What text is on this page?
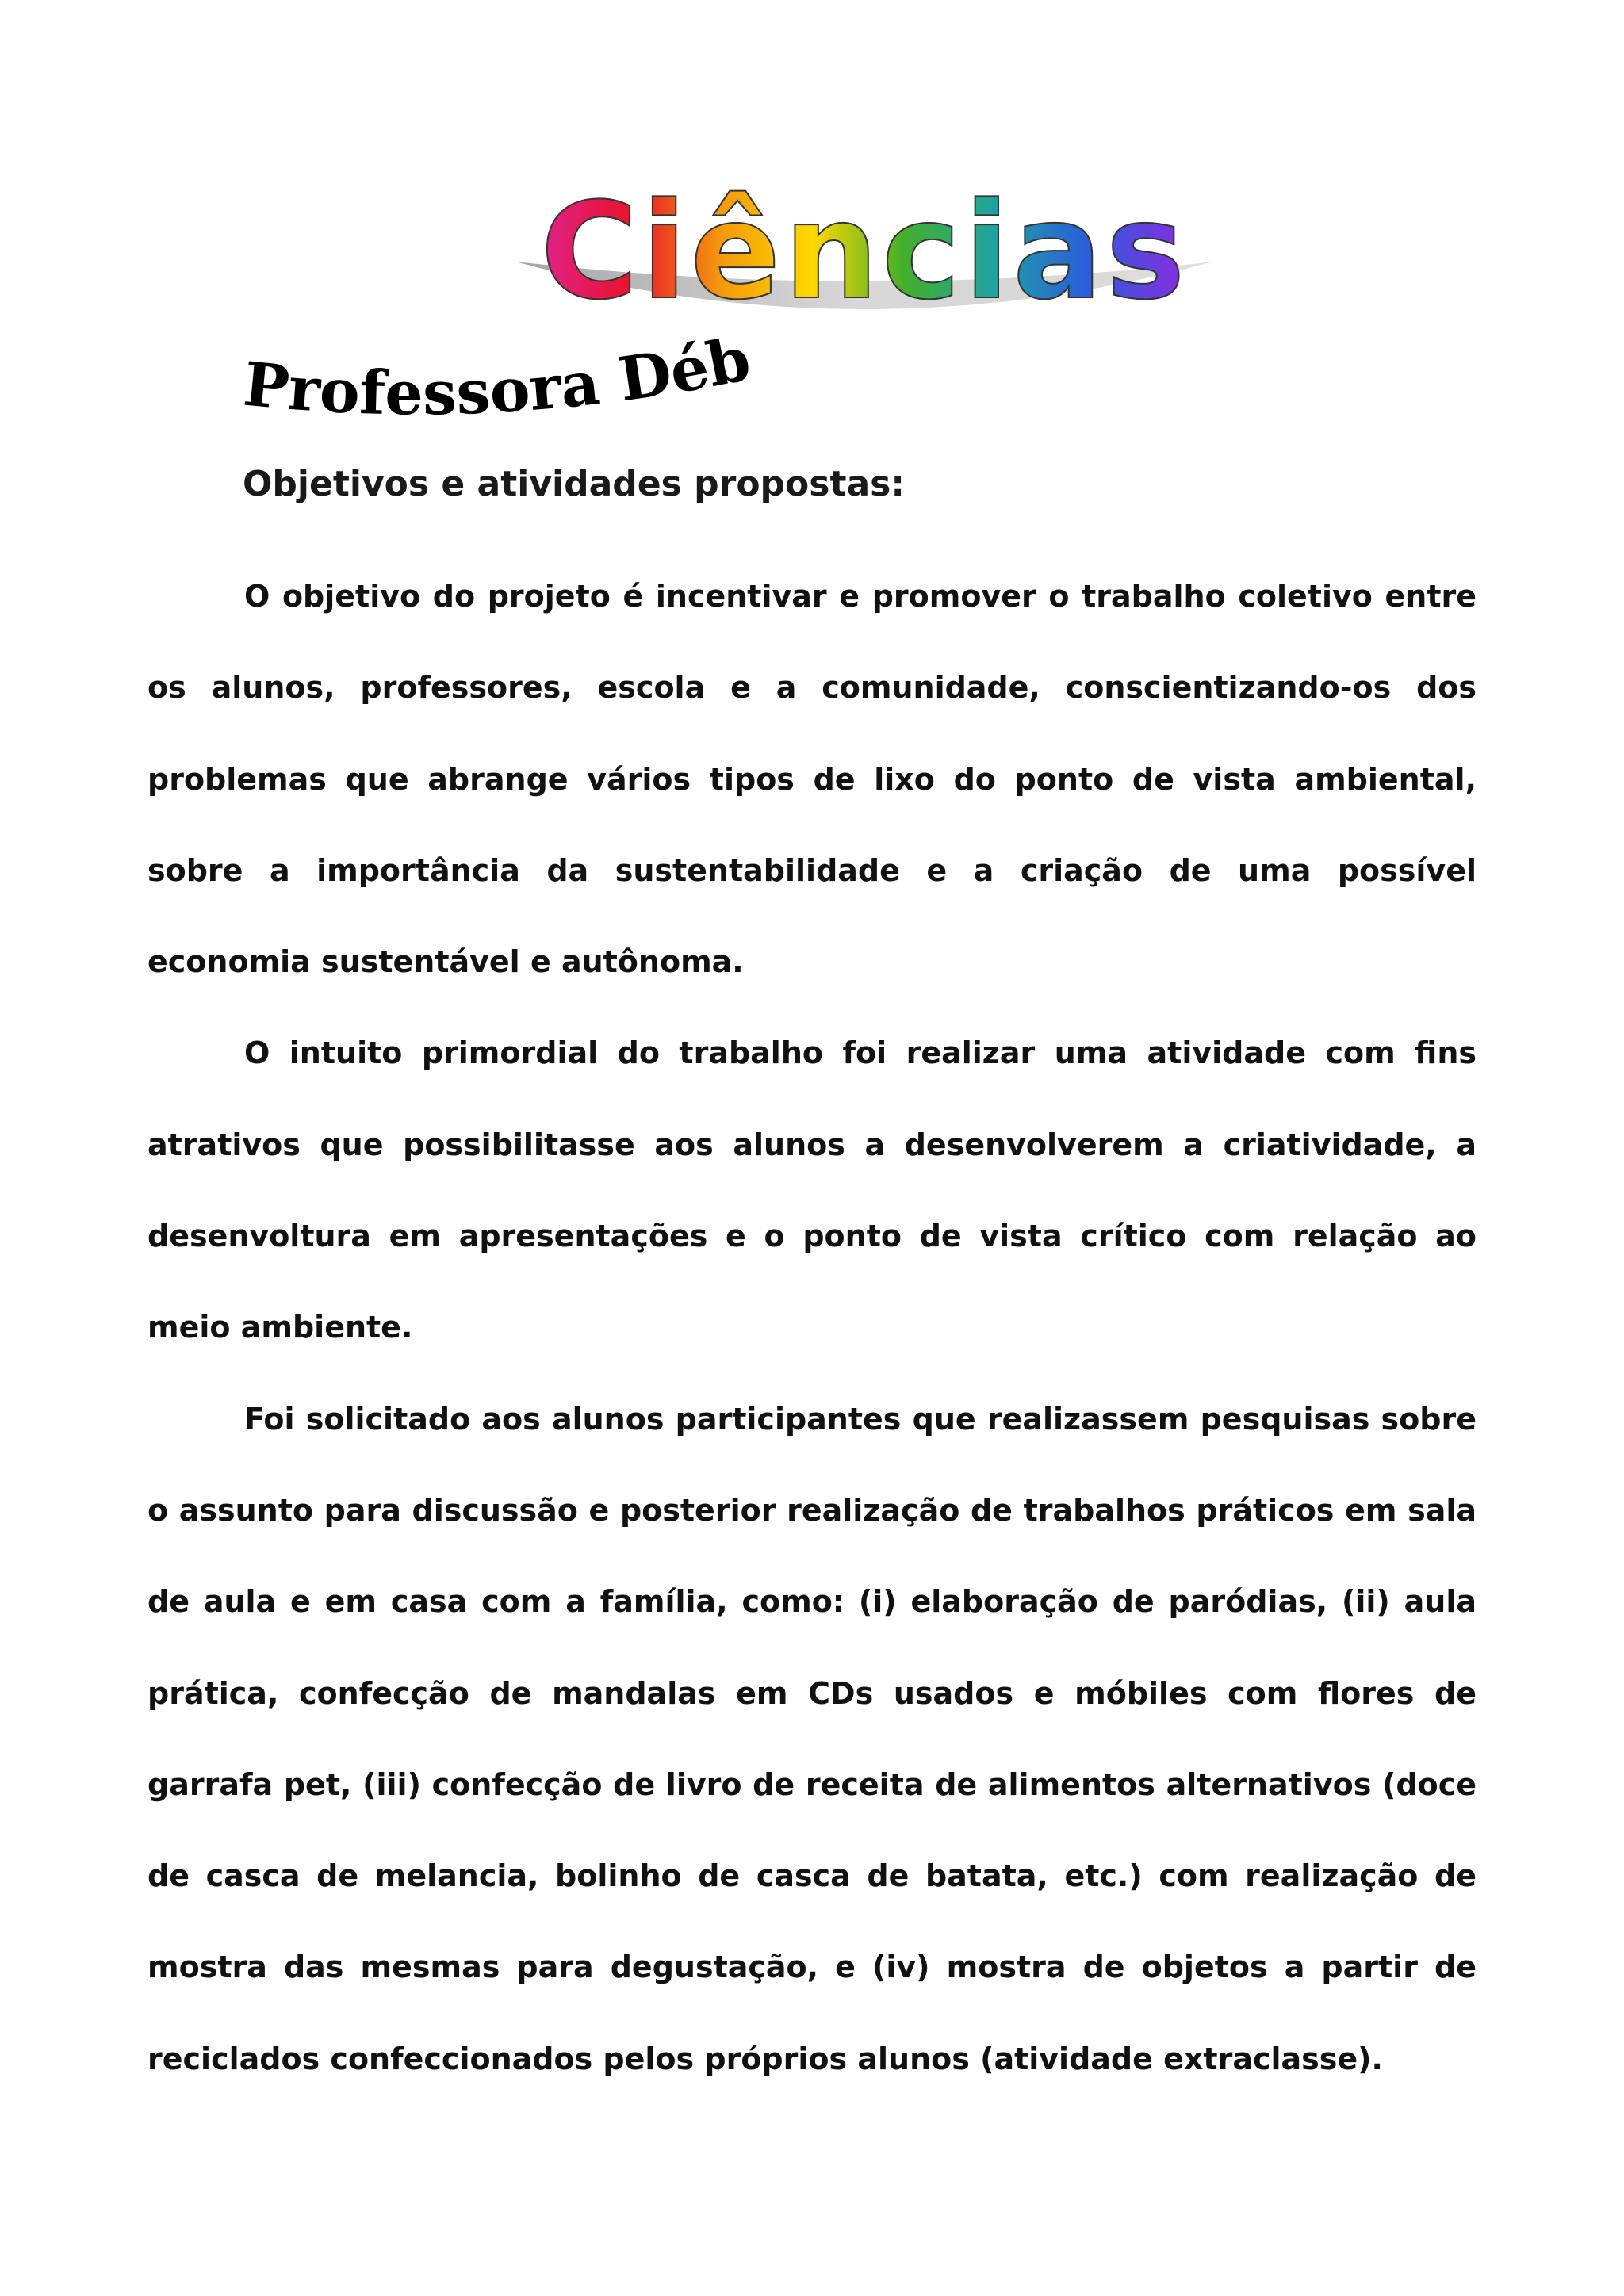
Ciências
Professora Débora
Objetivos e atividades propostas:

O objetivo do projeto é incentivar e promover o trabalho coletivo entre os alunos, professores, escola e a comunidade, conscientizando-os dos problemas que abrange vários tipos de lixo do ponto de vista ambiental, sobre a importância da sustentabilidade e a criação de uma possível economia sustentável e autônoma.

O intuito primordial do trabalho foi realizar uma atividade com fins atrativos que possibilitasse aos alunos a desenvolverem a criatividade, a desenvoltura em apresentações e o ponto de vista crítico com relação ao meio ambiente.

Foi solicitado aos alunos participantes que realizassem pesquisas sobre o assunto para discussão e posterior realização de trabalhos práticos em sala de aula e em casa com a família, como: (i) elaboração de paródias, (ii) aula prática, confecção de mandalas em CDs usados e móbiles com flores de garrafa pet, (iii) confecção de livro de receita de alimentos alternativos (doce de casca de melancia, bolinho de casca de batata, etc.) com realização de mostra das mesmas para degustação, e (iv) mostra de objetos a partir de reciclados confeccionados pelos próprios alunos (atividade extraclasse).
